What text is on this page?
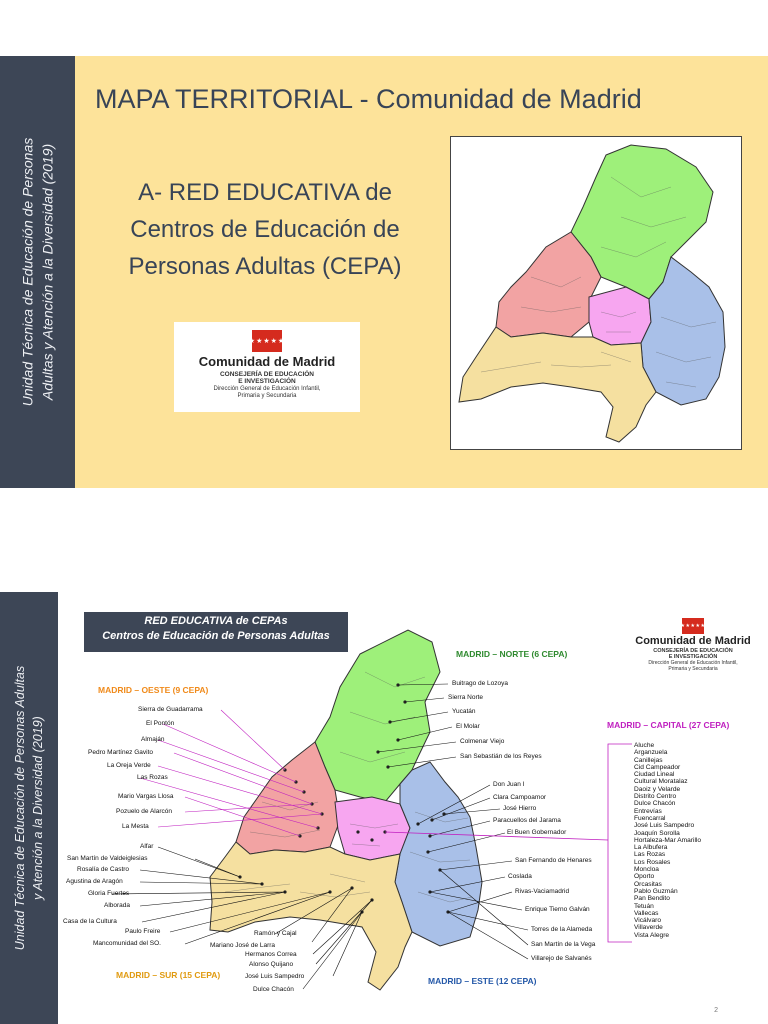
Unidad Técnica de Educación de Personas Adultas y Atención a la Diversidad (2019)
MAPA TERRITORIAL - Comunidad de Madrid
A- RED EDUCATIVA de
Centros de Educación de
Personas Adultas (CEPA)
★★★★★★★
Comunidad de Madrid
CONSEJERÍA DE EDUCACIÓN
E INVESTIGACIÓN
Dirección General de Educación Infantil,
Primaria y Secundaria
Unidad Técnica de Educación de Personas Adultas y Atención a la Diversidad (2019)
RED EDUCATIVA de CEPAs
Centros de Educación de Personas Adultas
★★★★★★★
Comunidad de Madrid
CONSEJERÍA DE EDUCACIÓN
E INVESTIGACIÓN
Dirección General de Educación Infantil,
Primaria y Secundaria
MADRID – NORTE (6 CEPA)
MADRID – OESTE (9 CEPA)
MADRID – CAPITAL (27 CEPA)
MADRID – SUR (15 CEPA)
MADRID – ESTE (12 CEPA)
Buitrago de Lozoya
Sierra Norte
Yucatán
El Molar
Colmenar Viejo
San Sebastián de los Reyes
Sierra de Guadarrama
El Pontón
Almaján
Pedro Martínez Gavito
La Oreja Verde
Las Rozas
Mario Vargas Llosa
Pozuelo de Alarcón
La Mesta
Alfar
San Martín de Valdeiglesias
Rosalía de Castro
Agustina de Aragón
Gloria Fuertes
Alborada
Casa de la Cultura
Paulo Freire
Mancomunidad del SO.
Ramón y Cajal
Mariano José de Larra
Hermanos Correa
Alonso Quijano
José Luis Sampedro
Dulce Chacón
Don Juan I
Clara Campoamor
José Hierro
Paracuellos del Jarama
El Buen Gobernador
San Fernando de Henares
Coslada
Rivas-Vaciamadrid
Enrique Tierno Galván
Torres de la Alameda
San Martín de la Vega
Villarejo de Salvanés
Aluche
Arganzuela
Canillejas
Cid Campeador
Ciudad Lineal
Cultural Moratalaz
Daoiz y Velarde
Distrito Centro
Dulce Chacón
Entrevías
Fuencarral
José Luis Sampedro
Joaquín Sorolla
Hortaleza-Mar Amarillo
La Albufera
Las Rozas
Los Rosales
Moncloa
Oporto
Orcasitas
Pablo Guzmán
Pan Bendito
Tetuán
Vallecas
Vicálvaro
Villaverde
Vista Alegre
2
